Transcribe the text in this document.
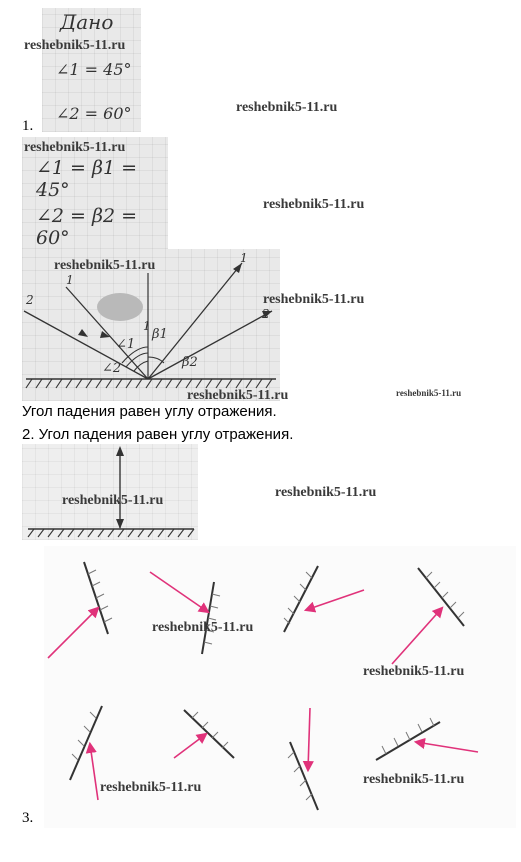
Дано
∠1 = 45°
∠2 = 60°
reshebnik5-11.ru
1.
reshebnik5-11.ru
∠1 = β1 = 45°
∠2 = β2 = 60°
reshebnik5-11.ru
reshebnik5-11.ru
2
1
1
1
2
∠1
β1
∠2	β2
reshebnik5-11.ru
reshebnik5-11.ru
reshebnik5-11.ru	reshebnik5-11.ru
Угол падения равен углу отражения.
2. Угол падения равен углу отражения.
reshebnik5-11.ru
reshebnik5-11.ru
reshebnik5-11.ru
reshebnik5-11.ru
reshebnik5-11.ru
reshebnik5-11.ru
3.
